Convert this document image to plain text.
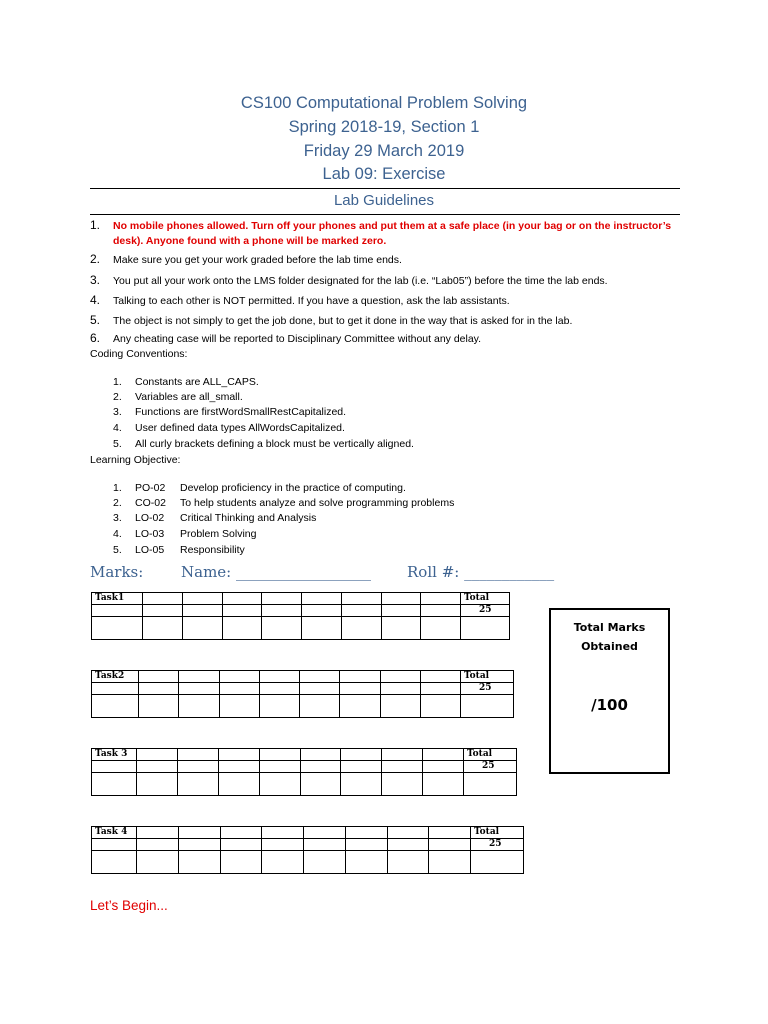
CS100 Computational Problem Solving
Spring 2018-19, Section 1
Friday 29 March 2019
Lab 09: Exercise
Lab Guidelines
1. No mobile phones allowed. Turn off your phones and put them at a safe place (in your bag or on the instructor’s desk). Anyone found with a phone will be marked zero.
2. Make sure you get your work graded before the lab time ends.
3. You put all your work onto the LMS folder designated for the lab (i.e. “Lab05”) before the time the lab ends.
4. Talking to each other is NOT permitted. If you have a question, ask the lab assistants.
5. The object is not simply to get the job done, but to get it done in the way that is asked for in the lab.
6. Any cheating case will be reported to Disciplinary Committee without any delay.
Coding Conventions:
1. Constants are ALL_CAPS.
2. Variables are all_small.
3. Functions are firstWordSmallRestCapitalized.
4. User defined data types AllWordsCapitalized.
5. All curly brackets defining a block must be vertically aligned.
Learning Objective:
1. PO-02 Develop proficiency in the practice of computing.
2. CO-02 To help students analyze and solve programming problems
3. LO-02 Critical Thinking and Analysis
4. LO-03 Problem Solving
5. LO-05 Responsibility
Marks:	Name: __________________ Roll #: ____________
Task1									Total
									25

Task2									Total
									25

Task 3									Total
									25

Task 4									Total
									25

Total Marks Obtained
/100
Let’s Begin...
